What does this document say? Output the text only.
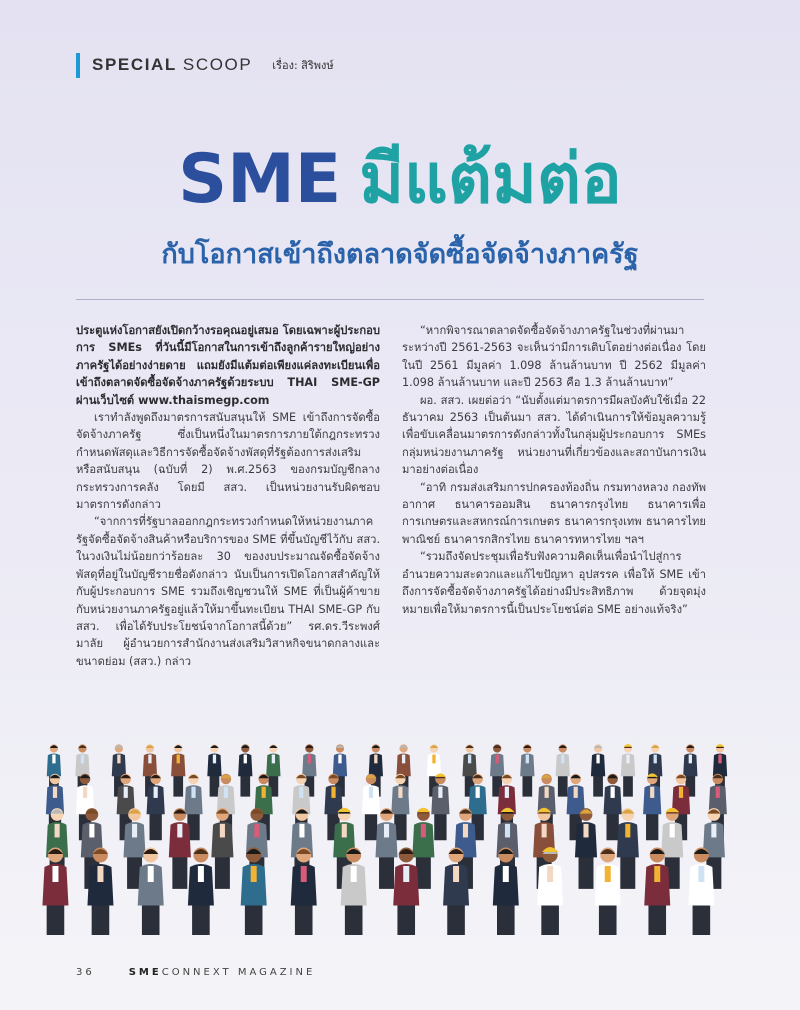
SPECIAL SCOOP เรื่อง: สิริพงษ์
SME มีแต้มต่อ
กับโอกาสเข้าถึงตลาดจัดซื้อจัดจ้างภาครัฐ

ประตูแห่งโอกาสยังเปิดกว้างรอคุณอยู่เสมอ โดยเฉพาะผู้ประกอบการ SMEs ที่วันนี้มีโอกาสในการเข้าถึงลูกค้ารายใหญ่อย่างภาครัฐได้อย่างง่ายดาย แถมยังมีแต้มต่อเพียงแค่ลงทะเบียนเพื่อเข้าถึงตลาดจัดซื้อจัดจ้างภาครัฐด้วยระบบ THAI SME-GP ผ่านเว็บไซต์ www.thaismegp.com

เราทำลังพูดถึงมาตรการสนับสนุนให้ SME เข้าถึงการจัดซื้อจัดจ้างภาครัฐ ซึ่งเป็นหนึ่งในมาตรการภายใต้กฎกระทรวงกำหนดพัสดุและวิธีการจัดซื้อจัดจ้างพัสดุที่รัฐต้องการส่งเสริมหรือสนับสนุน (ฉบับที่ 2) พ.ศ.2563 ของกรมบัญชีกลาง กระทรวงการคลัง โดยมี สสว. เป็นหน่วยงานรับผิดชอบมาตรการดังกล่าว

“จากการที่รัฐบาลออกกฎกระทรวงกำหนดให้หน่วยงานภาครัฐจัดซื้อจัดจ้างสินค้าหรือบริการของ SME ที่ขึ้นบัญชีไว้กับ สสว. ในวงเงินไม่น้อยกว่าร้อยละ 30 ของงบประมาณจัดซื้อจัดจ้างพัสดุที่อยู่ในบัญชีรายชื่อดังกล่าว นับเป็นการเปิดโอกาสสำคัญให้กับผู้ประกอบการ SME รวมถึงเชิญชวนให้ SME ที่เป็นผู้ค้าขายกับหน่วยงานภาครัฐอยู่แล้วให้มาขึ้นทะเบียน THAI SME-GP กับ สสว. เพื่อได้รับประโยชน์จากโอกาสนี้ด้วย” รศ.ดร.วีระพงศ์ มาลัย ผู้อำนวยการสำนักงานส่งเสริมวิสาหกิจขนาดกลางและขนาดย่อม (สสว.) กล่าว

“หากพิจารณาตลาดจัดซื้อจัดจ้างภาครัฐในช่วงที่ผ่านมา ระหว่างปี 2561-2563 จะเห็นว่ามีการเติบโตอย่างต่อเนื่อง โดยในปี 2561 มีมูลค่า 1.098 ล้านล้านบาท ปี 2562 มีมูลค่า 1.098 ล้านล้านบาท และปี 2563 คือ 1.3 ล้านล้านบาท”

ผอ. สสว. เผยต่อว่า “นับตั้งแต่มาตรการมีผลบังคับใช้เมื่อ 22 ธันวาคม 2563 เป็นต้นมา สสว. ได้ดำเนินการให้ข้อมูลความรู้เพื่อขับเคลื่อนมาตรการดังกล่าวทั้งในกลุ่มผู้ประกอบการ SMEs กลุ่มหน่วยงานภาครัฐ หน่วยงานที่เกี่ยวข้องและสถาบันการเงินมาอย่างต่อเนื่อง

“อาทิ กรมส่งเสริมการปกครองท้องถิ่น กรมทางหลวง กองทัพอากาศ ธนาคารออมสิน ธนาคารกรุงไทย ธนาคารเพื่อการเกษตรและสหกรณ์การเกษตร ธนาคารกรุงเทพ ธนาคารไทยพาณิชย์ ธนาคารกสิกรไทย ธนาคารทหารไทย ฯลฯ

“รวมถึงจัดประชุมเพื่อรับฟังความคิดเห็นเพื่อนำไปสู่การอำนวยความสะดวกและแก้ไขปัญหา อุปสรรค เพื่อให้ SME เข้าถึงการจัดซื้อจัดจ้างภาครัฐได้อย่างมีประสิทธิภาพ ด้วยจุดมุ่งหมายเพื่อให้มาตรการนี้เป็นประโยชน์ต่อ SME อย่างแท้จริง”

36	SMECONNEXT MAGAZINE
